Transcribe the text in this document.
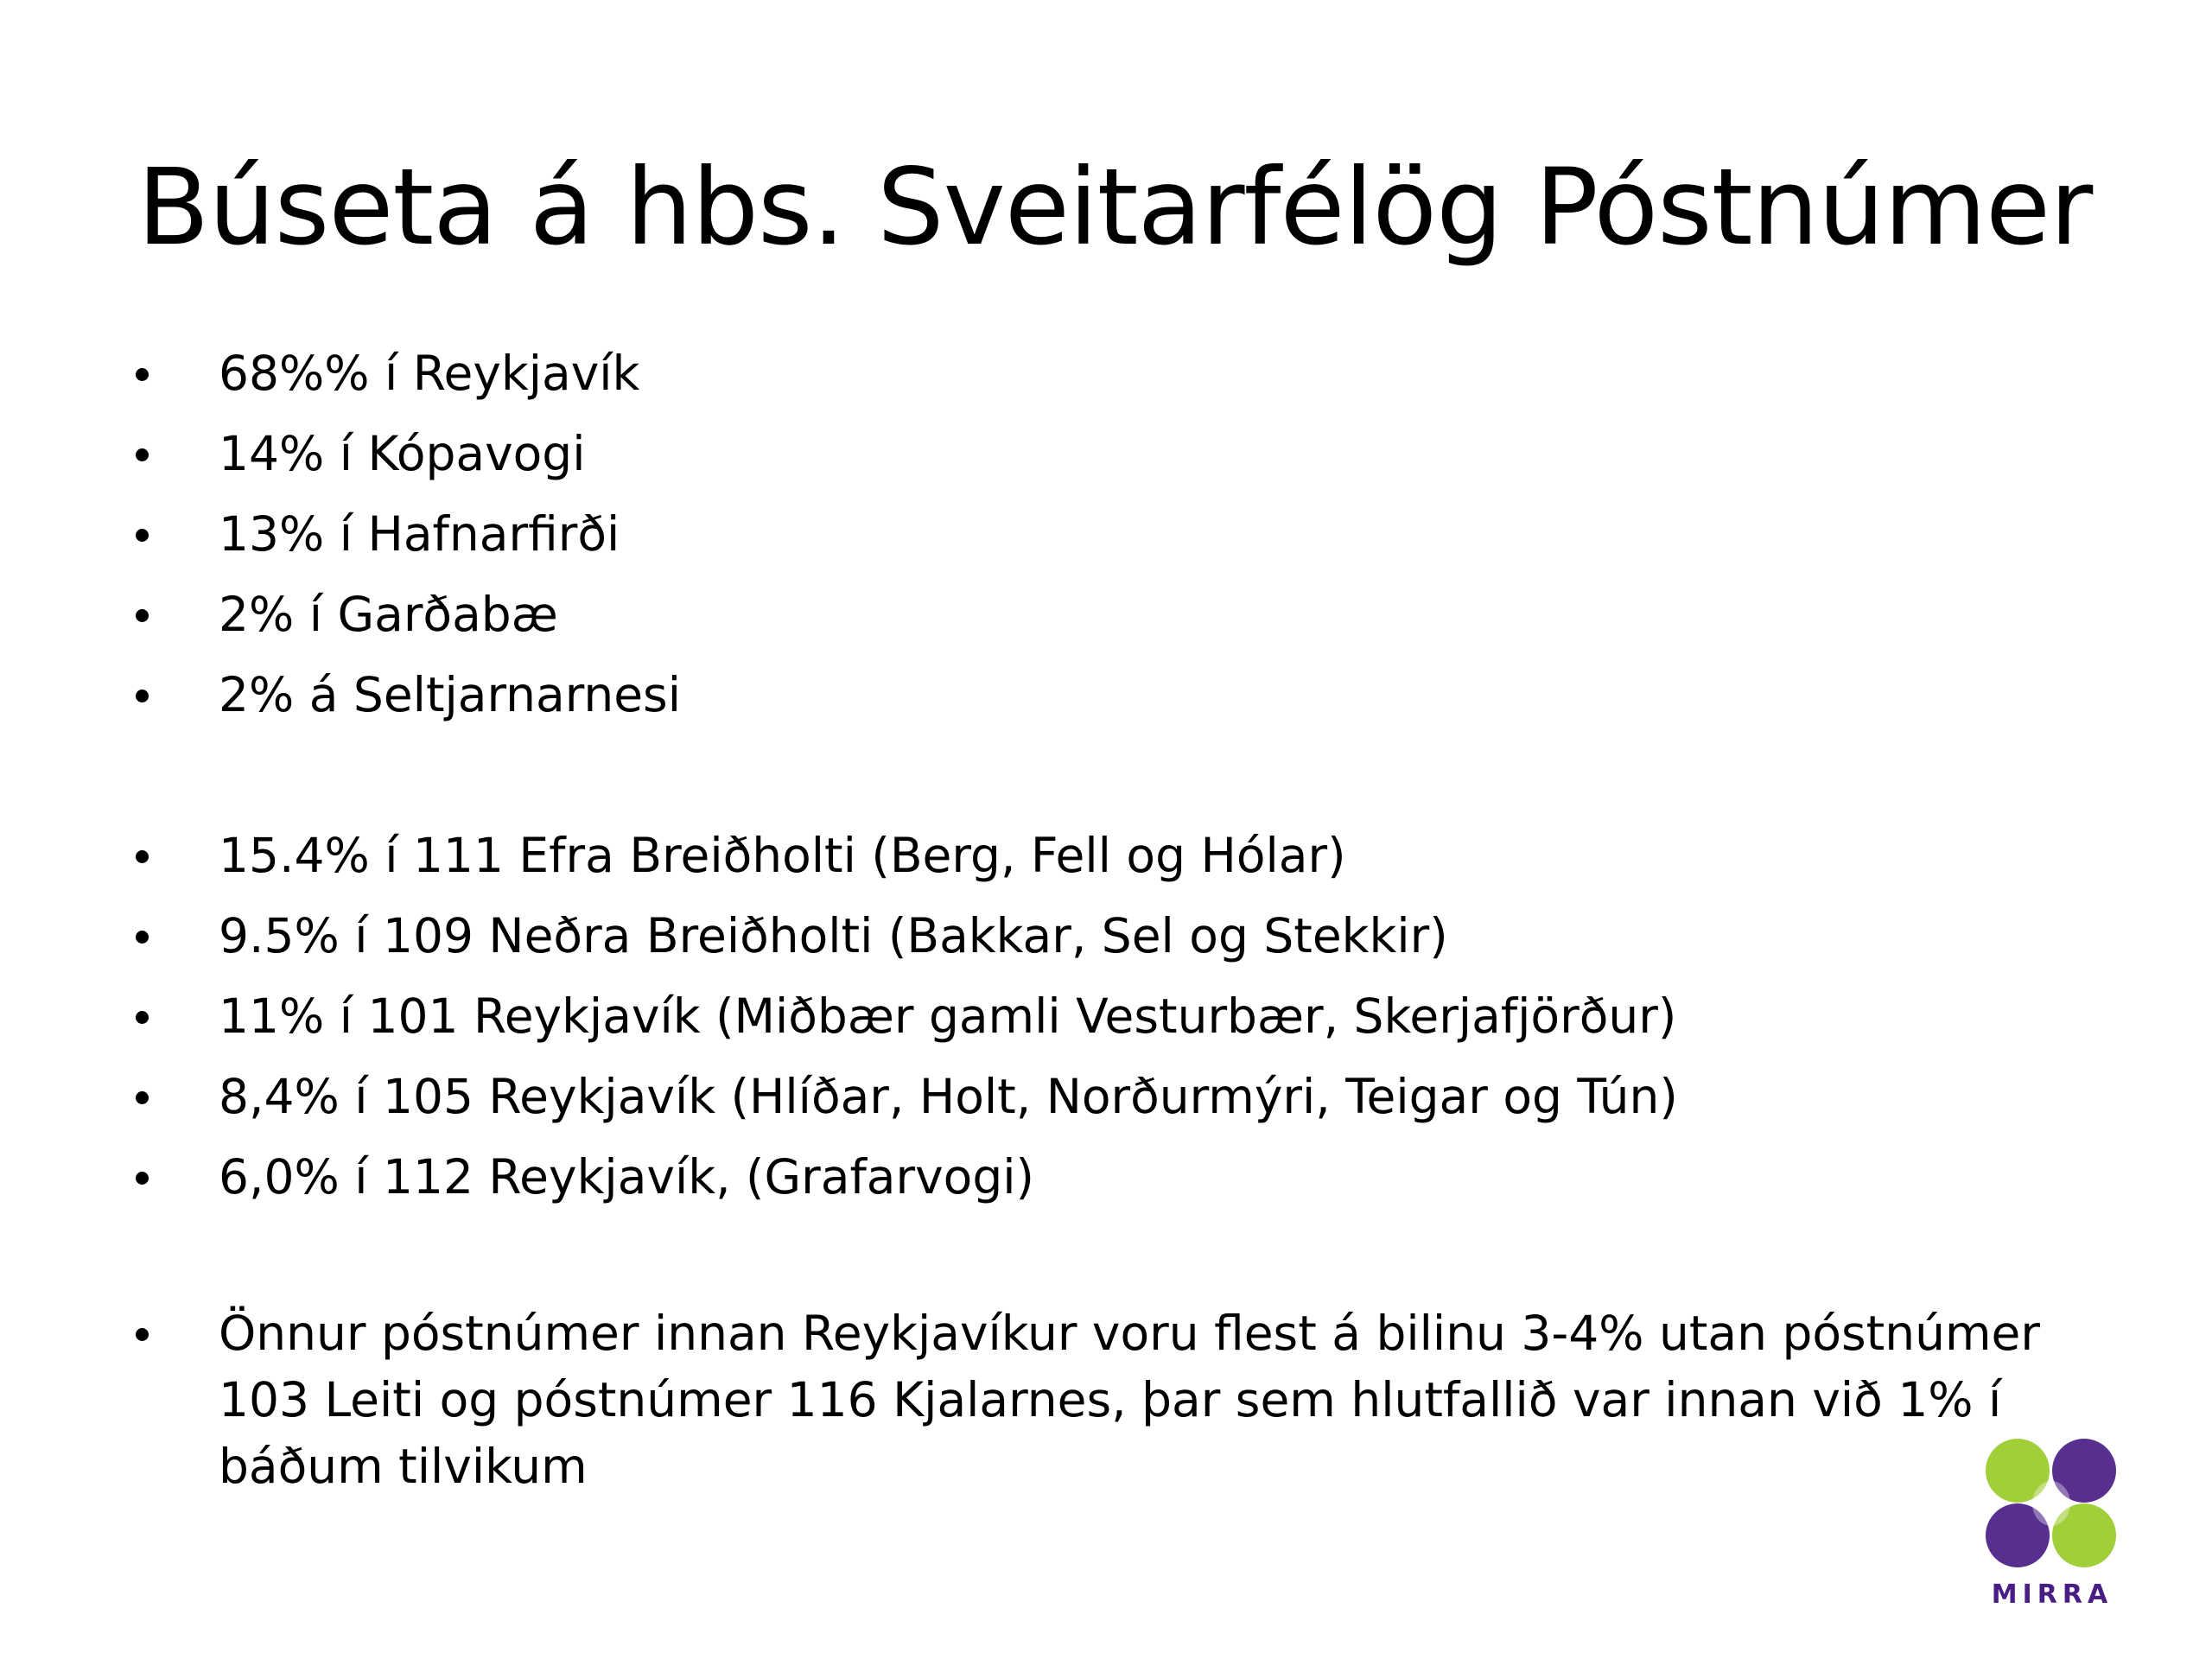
Búseta á hbs. Sveitarfélög Póstnúmer
68%% í Reykjavík
14% í Kópavogi
13% í Hafnarfirði
2% í Garðabæ
2% á Seltjarnarnesi
15.4% í 111 Efra Breiðholti (Berg, Fell og Hólar)
9.5% í 109 Neðra Breiðholti (Bakkar, Sel og Stekkir)
11% í 101 Reykjavík (Miðbær gamli Vesturbær, Skerjafjörður)
8,4% í 105 Reykjavík (Hlíðar, Holt, Norðurmýri, Teigar og Tún)
6,0% í 112 Reykjavík, (Grafarvogi)
Önnur póstnúmer innan Reykjavíkur voru flest á bilinu 3-4% utan póstnúmer 103 Leiti og póstnúmer 116 Kjalarnes, þar sem hlutfallið var innan við 1% í báðum tilvikum
MIRRA
